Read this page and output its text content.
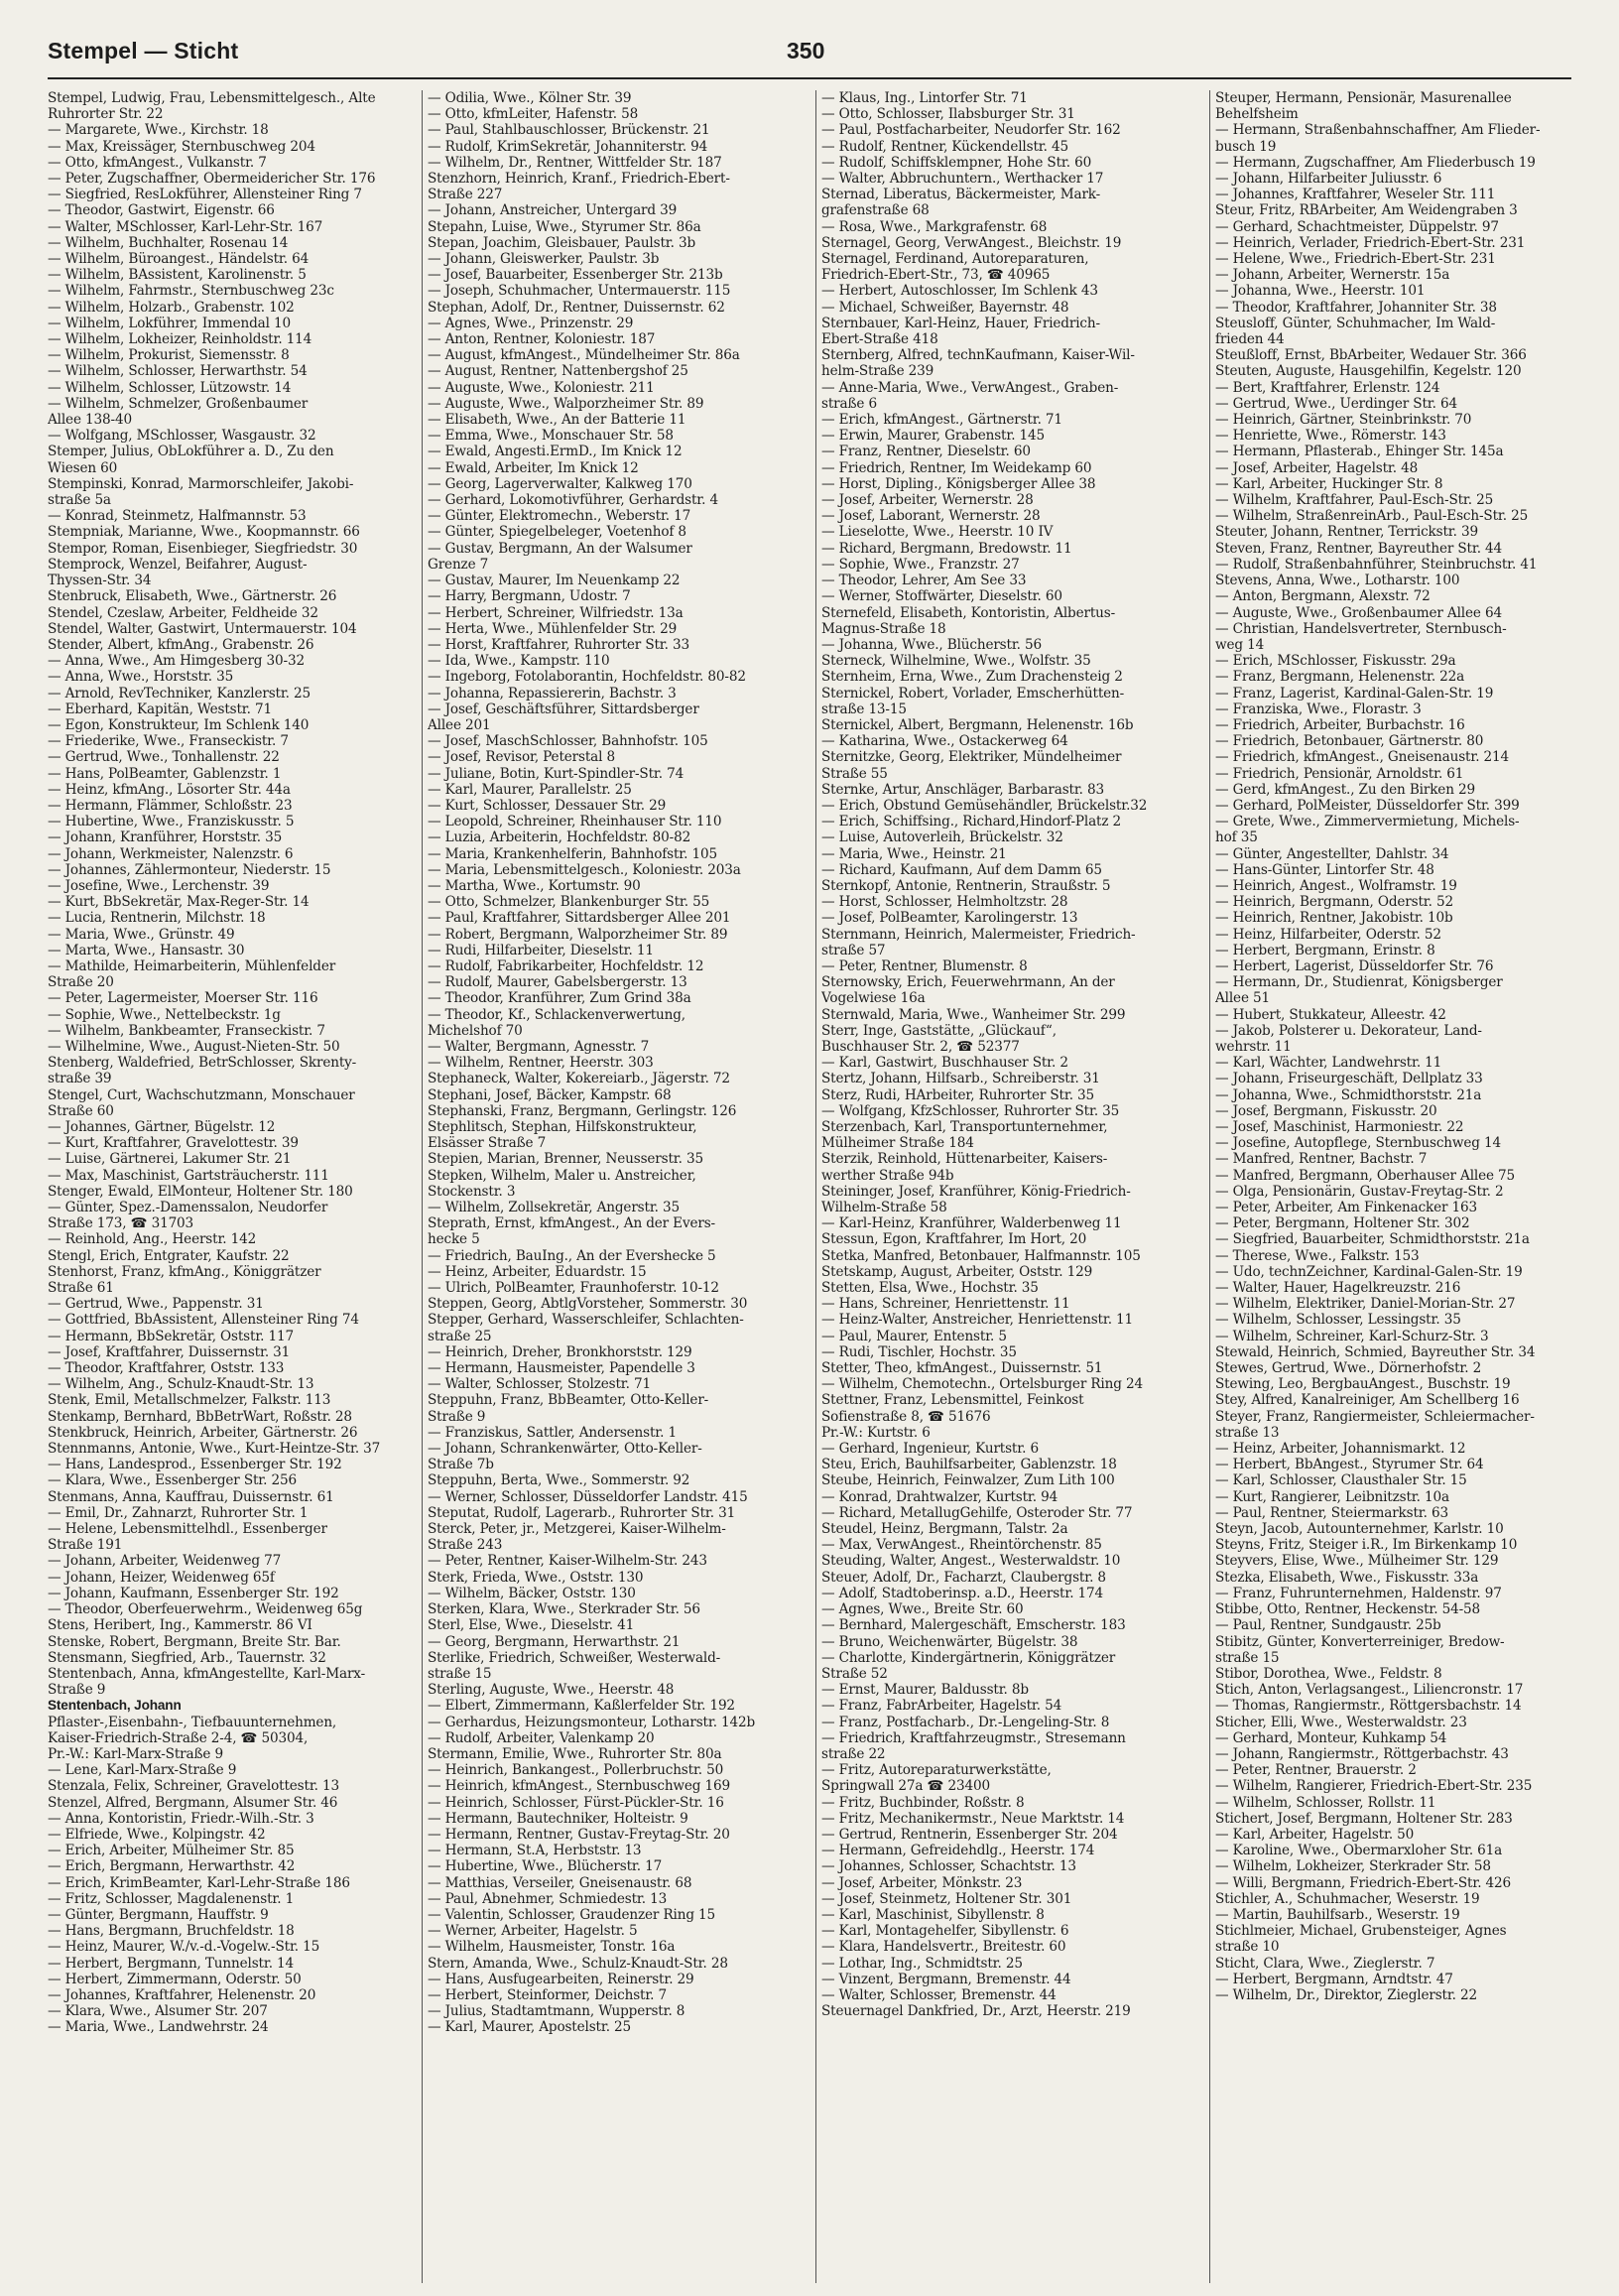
Stempel — Sticht	350
Stempel, Ludwig, Frau, Lebensmittelgesch., Alte
Ruhrorter Str. 22
— Margarete, Wwe., Kirchstr. 18
— Max, Kreissäger, Sternbuschweg 204
— Otto, kfmAngest., Vulkanstr. 7
— Peter, Zugschaffner, Obermeidericher Str. 176
— Siegfried, ResLokführer, Allensteiner Ring 7
— Theodor, Gastwirt, Eigenstr. 66
— Walter, MSchlosser, Karl-Lehr-Str. 167
— Wilhelm, Buchhalter, Rosenau 14
— Wilhelm, Büroangest., Händelstr. 64
— Wilhelm, BAssistent, Karolinenstr. 5
— Wilhelm, Fahrmstr., Sternbuschweg 23c
— Wilhelm, Holzarb., Grabenstr. 102
— Wilhelm, Lokführer, Immendal 10
— Wilhelm, Lokheizer, Reinholdstr. 114
— Wilhelm, Prokurist, Siemensstr. 8
— Wilhelm, Schlosser, Herwarthstr. 54
— Wilhelm, Schlosser, Lützowstr. 14
— Wilhelm, Schmelzer, Großenbaumer
Allee 138-40
— Wolfgang, MSchlosser, Wasgaustr. 32
Stemper, Julius, ObLokführer a. D., Zu den
Wiesen 60
Stempinski, Konrad, Marmorschleifer, Jakobi-
straße 5a
— Konrad, Steinmetz, Halfmannstr. 53
Stempniak, Marianne, Wwe., Koopmannstr. 66
Stempor, Roman, Eisenbieger, Siegfriedstr. 30
Stemprock, Wenzel, Beifahrer, August-
Thyssen-Str. 34
Stenbruck, Elisabeth, Wwe., Gärtnerstr. 26
Stendel, Czeslaw, Arbeiter, Feldheide 32
Stendel, Walter, Gastwirt, Untermauerstr. 104
Stender, Albert, kfmAng., Grabenstr. 26
— Anna, Wwe., Am Himgesberg 30-32
— Anna, Wwe., Horststr. 35
— Arnold, RevTechniker, Kanzlerstr. 25
— Eberhard, Kapitän, Weststr. 71
— Egon, Konstrukteur, Im Schlenk 140
— Friederike, Wwe., Franseckistr. 7
— Gertrud, Wwe., Tonhallenstr. 22
— Hans, PolBeamter, Gablenzstr. 1
— Heinz, kfmAng., Lösorter Str. 44a
— Hermann, Flämmer, Schloßstr. 23
— Hubertine, Wwe., Franziskusstr. 5
— Johann, Kranführer, Horststr. 35
— Johann, Werkmeister, Nalenzstr. 6
— Johannes, Zählermonteur, Niederstr. 15
— Josefine, Wwe., Lerchenstr. 39
— Kurt, BbSekretär, Max-Reger-Str. 14
— Lucia, Rentnerin, Milchstr. 18
— Maria, Wwe., Grünstr. 49
— Marta, Wwe., Hansastr. 30
— Mathilde, Heimarbeiterin, Mühlenfelder
Straße 20
— Peter, Lagermeister, Moerser Str. 116
— Sophie, Wwe., Nettelbeckstr. 1g
— Wilhelm, Bankbeamter, Franseckistr. 7
— Wilhelmine, Wwe., August-Nieten-Str. 50
Stenberg, Waldefried, BetrSchlosser, Skrenty-
straße 39
Stengel, Curt, Wachschutzmann, Monschauer
Straße 60
— Johannes, Gärtner, Bügelstr. 12
— Kurt, Kraftfahrer, Gravelottestr. 39
— Luise, Gärtnerei, Lakumer Str. 21
— Max, Maschinist, Gartsträucherstr. 111
Stenger, Ewald, ElMonteur, Holtener Str. 180
— Günter, Spez.-Damenssalon, Neudorfer
Straße 173, ☎ 31703
— Reinhold, Ang., Heerstr. 142
Stengl, Erich, Entgrater, Kaufstr. 22
Stenhorst, Franz, kfmAng., Königgrätzer
Straße 61
— Gertrud, Wwe., Pappenstr. 31
— Gottfried, BbAssistent, Allensteiner Ring 74
— Hermann, BbSekretär, Oststr. 117
— Josef, Kraftfahrer, Duissernstr. 31
— Theodor, Kraftfahrer, Oststr. 133
— Wilhelm, Ang., Schulz-Knaudt-Str. 13
Stenk, Emil, Metallschmelzer, Falkstr. 113
Stenkamp, Bernhard, BbBetrWart, Roßstr. 28
Stenkbruck, Heinrich, Arbeiter, Gärtnerstr. 26
Stennmanns, Antonie, Wwe., Kurt-Heintze-Str. 37
— Hans, Landesprod., Essenberger Str. 192
— Klara, Wwe., Essenberger Str. 256
Stenmans, Anna, Kauffrau, Duissernstr. 61
— Emil, Dr., Zahnarzt, Ruhrorter Str. 1
— Helene, Lebensmittelhdl., Essenberger
Straße 191
— Johann, Arbeiter, Weidenweg 77
— Johann, Heizer, Weidenweg 65f
— Johann, Kaufmann, Essenberger Str. 192
— Theodor, Oberfeuerwehrm., Weidenweg 65g
Stens, Heribert, Ing., Kammerstr. 86 VI
Stenske, Robert, Bergmann, Breite Str. Bar.
Stensmann, Siegfried, Arb., Tauernstr. 32
Stentenbach, Anna, kfmAngestellte, Karl-Marx-
Straße 9
Stentenbach, Johann
Pflaster-,Eisenbahn-, Tiefbauunternehmen,
Kaiser-Friedrich-Straße 2-4, ☎ 50304,
Pr.-W.: Karl-Marx-Straße 9
— Lene, Karl-Marx-Straße 9
Stenzala, Felix, Schreiner, Gravelottestr. 13
Stenzel, Alfred, Bergmann, Alsumer Str. 46
— Anna, Kontoristin, Friedr.-Wilh.-Str. 3
— Elfriede, Wwe., Kolpingstr. 42
— Erich, Arbeiter, Mülheimer Str. 85
— Erich, Bergmann, Herwarthstr. 42
— Erich, KrimBeamter, Karl-Lehr-Straße 186
— Fritz, Schlosser, Magdalenenstr. 1
— Günter, Bergmann, Hauffstr. 9
— Hans, Bergmann, Bruchfeldstr. 18
— Heinz, Maurer, W./v.-d.-Vogelw.-Str. 15
— Herbert, Bergmann, Tunnelstr. 14
— Herbert, Zimmermann, Oderstr. 50
— Johannes, Kraftfahrer, Helenenstr. 20
— Klara, Wwe., Alsumer Str. 207
— Maria, Wwe., Landwehrstr. 24
— Odilia, Wwe., Kölner Str. 39
— Otto, kfmLeiter, Hafenstr. 58
— Paul, Stahlbauschlosser, Brückenstr. 21
— Rudolf, KrimSekretär, Johanniterstr. 94
— Wilhelm, Dr., Rentner, Wittfelder Str. 187
Stenzhorn, Heinrich, Kranf., Friedrich-Ebert-
Straße 227
— Johann, Anstreicher, Untergard 39
Stepahn, Luise, Wwe., Styrumer Str. 86a
Stepan, Joachim, Gleisbauer, Paulstr. 3b
— Johann, Gleiswerker, Paulstr. 3b
— Josef, Bauarbeiter, Essenberger Str. 213b
— Joseph, Schuhmacher, Untermauerstr. 115
Stephan, Adolf, Dr., Rentner, Duissernstr. 62
— Agnes, Wwe., Prinzenstr. 29
— Anton, Rentner, Koloniestr. 187
— August, kfmAngest., Mündelheimer Str. 86a
— August, Rentner, Nattenbergshof 25
— Auguste, Wwe., Koloniestr. 211
— Auguste, Wwe., Walporzheimer Str. 89
— Elisabeth, Wwe., An der Batterie 11
— Emma, Wwe., Monschauer Str. 58
— Ewald, Angesti.ErmD., Im Knick 12
— Ewald, Arbeiter, Im Knick 12
— Georg, Lagerverwalter, Kalkweg 170
— Gerhard, Lokomotivführer, Gerhardstr. 4
— Günter, Elektromechn., Weberstr. 17
— Günter, Spiegelbeleger, Voetenhof 8
— Gustav, Bergmann, An der Walsumer
Grenze 7
— Gustav, Maurer, Im Neuenkamp 22
— Harry, Bergmann, Udostr. 7
— Herbert, Schreiner, Wilfriedstr. 13a
— Herta, Wwe., Mühlenfelder Str. 29
— Horst, Kraftfahrer, Ruhrorter Str. 33
— Ida, Wwe., Kampstr. 110
— Ingeborg, Fotolaborantin, Hochfeldstr. 80-82
— Johanna, Repassiererin, Bachstr. 3
— Josef, Geschäftsführer, Sittardsberger
Allee 201
— Josef, MaschSchlosser, Bahnhofstr. 105
— Josef, Revisor, Peterstal 8
— Juliane, Botin, Kurt-Spindler-Str. 74
— Karl, Maurer, Parallelstr. 25
— Kurt, Schlosser, Dessauer Str. 29
— Leopold, Schreiner, Rheinhauser Str. 110
— Luzia, Arbeiterin, Hochfeldstr. 80-82
— Maria, Krankenhelferin, Bahnhofstr. 105
— Maria, Lebensmittelgesch., Koloniestr. 203a
— Martha, Wwe., Kortumstr. 90
— Otto, Schmelzer, Blankenburger Str. 55
— Paul, Kraftfahrer, Sittardsberger Allee 201
— Robert, Bergmann, Walporzheimer Str. 89
— Rudi, Hilfarbeiter, Dieselstr. 11
— Rudolf, Fabrikarbeiter, Hochfeldstr. 12
— Rudolf, Maurer, Gabelsbergerstr. 13
— Theodor, Kranführer, Zum Grind 38a
— Theodor, Kf., Schlackenverwertung,
Michelshof 70
— Walter, Bergmann, Agnesstr. 7
— Wilhelm, Rentner, Heerstr. 303
Stephaneck, Walter, Kokereiarb., Jägerstr. 72
Stephani, Josef, Bäcker, Kampstr. 68
Stephanski, Franz, Bergmann, Gerlingstr. 126
Stephlitsch, Stephan, Hilfskonstrukteur,
Elsässer Straße 7
Stepien, Marian, Brenner, Neusserstr. 35
Stepken, Wilhelm, Maler u. Anstreicher,
Stockenstr. 3
— Wilhelm, Zollsekretär, Angerstr. 35
Steprath, Ernst, kfmAngest., An der Evers-
hecke 5
— Friedrich, BauIng., An der Evershecke 5
— Heinz, Arbeiter, Eduardstr. 15
— Ulrich, PolBeamter, Fraunhoferstr. 10-12
Steppen, Georg, AbtlgVorsteher, Sommerstr. 30
Stepper, Gerhard, Wasserschleifer, Schlachten-
straße 25
— Heinrich, Dreher, Bronkhorststr. 129
— Hermann, Hausmeister, Papendelle 3
— Walter, Schlosser, Stolzestr. 71
Steppuhn, Franz, BbBeamter, Otto-Keller-
Straße 9
— Franziskus, Sattler, Andersenstr. 1
— Johann, Schrankenwärter, Otto-Keller-
Straße 7b
Steppuhn, Berta, Wwe., Sommerstr. 92
— Werner, Schlosser, Düsseldorfer Landstr. 415
Steputat, Rudolf, Lagerarb., Ruhrorter Str. 31
Sterck, Peter, jr., Metzgerei, Kaiser-Wilhelm-
Straße 243
— Peter, Rentner, Kaiser-Wilhelm-Str. 243
Sterk, Frieda, Wwe., Oststr. 130
— Wilhelm, Bäcker, Oststr. 130
Sterken, Klara, Wwe., Sterkrader Str. 56
Sterl, Else, Wwe., Dieselstr. 41
— Georg, Bergmann, Herwarthstr. 21
Sterlike, Friedrich, Schweißer, Westerwald-
straße 15
Sterling, Auguste, Wwe., Heerstr. 48
— Elbert, Zimmermann, Kaßlerfelder Str. 192
— Gerhardus, Heizungsmonteur, Lotharstr. 142b
— Rudolf, Arbeiter, Valenkamp 20
Stermann, Emilie, Wwe., Ruhrorter Str. 80a
— Heinrich, Bankangest., Pollerbruchstr. 50
— Heinrich, kfmAngest., Sternbuschweg 169
— Heinrich, Schlosser, Fürst-Pückler-Str. 16
— Hermann, Bautechniker, Holteistr. 9
— Hermann, Rentner, Gustav-Freytag-Str. 20
— Hermann, St.A, Herbststr. 13
— Hubertine, Wwe., Blücherstr. 17
— Matthias, Verseiler, Gneisenaustr. 68
— Paul, Abnehmer, Schmiedestr. 13
— Valentin, Schlosser, Graudenzer Ring 15
— Werner, Arbeiter, Hagelstr. 5
— Wilhelm, Hausmeister, Tonstr. 16a
Stern, Amanda, Wwe., Schulz-Knaudt-Str. 28
— Hans, Ausfugearbeiten, Reinerstr. 29
— Herbert, Steinformer, Deichstr. 7
— Julius, Stadtamtmann, Wupperstr. 8
— Karl, Maurer, Apostelstr. 25
— Klaus, Ing., Lintorfer Str. 71
— Otto, Schlosser, Ilabsburger Str. 31
— Paul, Postfacharbeiter, Neudorfer Str. 162
— Rudolf, Rentner, Kückendellstr. 45
— Rudolf, Schiffsklempner, Hohe Str. 60
— Walter, Abbruchuntern., Werthacker 17
Sternad, Liberatus, Bäckermeister, Mark-
grafenstraße 68
— Rosa, Wwe., Markgrafenstr. 68
Sternagel, Georg, VerwAngest., Bleichstr. 19
Sternagel, Ferdinand, Autoreparaturen,
Friedrich-Ebert-Str., 73, ☎ 40965
— Herbert, Autoschlosser, Im Schlenk 43
— Michael, Schweißer, Bayernstr. 48
Sternbauer, Karl-Heinz, Hauer, Friedrich-
Ebert-Straße 418
Sternberg, Alfred, technKaufmann, Kaiser-Wil-
helm-Straße 239
— Anne-Maria, Wwe., VerwAngest., Graben-
straße 6
— Erich, kfmAngest., Gärtnerstr. 71
— Erwin, Maurer, Grabenstr. 145
— Franz, Rentner, Dieselstr. 60
— Friedrich, Rentner, Im Weidekamp 60
— Horst, Dipling., Königsberger Allee 38
— Josef, Arbeiter, Wernerstr. 28
— Josef, Laborant, Wernerstr. 28
— Lieselotte, Wwe., Heerstr. 10 IV
— Richard, Bergmann, Bredowstr. 11
— Sophie, Wwe., Franzstr. 27
— Theodor, Lehrer, Am See 33
— Werner, Stoffwärter, Dieselstr. 60
Sternefeld, Elisabeth, Kontoristin, Albertus-
Magnus-Straße 18
— Johanna, Wwe., Blücherstr. 56
Sterneck, Wilhelmine, Wwe., Wolfstr. 35
Sternheim, Erna, Wwe., Zum Drachensteig 2
Sternickel, Robert, Vorlader, Emscherhütten-
straße 13-15
Sternickel, Albert, Bergmann, Helenenstr. 16b
— Katharina, Wwe., Ostackerweg 64
Sternitzke, Georg, Elektriker, Mündelheimer
Straße 55
Sternke, Artur, Anschläger, Barbarastr. 83
— Erich, Obstund Gemüsehändler, Brückelstr.32
— Erich, Schiffsing., Richard,Hindorf-Platz 2
— Luise, Autoverleih, Brückelstr. 32
— Maria, Wwe., Heinstr. 21
— Richard, Kaufmann, Auf dem Damm 65
Sternkopf, Antonie, Rentnerin, Straußstr. 5
— Horst, Schlosser, Helmholtzstr. 28
— Josef, PolBeamter, Karolingerstr. 13
Sternmann, Heinrich, Malermeister, Friedrich-
straße 57
— Peter, Rentner, Blumenstr. 8
Sternowsky, Erich, Feuerwehrmann, An der
Vogelwiese 16a
Sternwald, Maria, Wwe., Wanheimer Str. 299
Sterr, Inge, Gaststätte, „Glückauf“,
Buschhauser Str. 2, ☎ 52377
— Karl, Gastwirt, Buschhauser Str. 2
Stertz, Johann, Hilfsarb., Schreiberstr. 31
Sterz, Rudi, HArbeiter, Ruhrorter Str. 35
— Wolfgang, KfzSchlosser, Ruhrorter Str. 35
Sterzenbach, Karl, Transportunternehmer,
Mülheimer Straße 184
Sterzik, Reinhold, Hüttenarbeiter, Kaisers-
werther Straße 94b
Steininger, Josef, Kranführer, König-Friedrich-
Wilhelm-Straße 58
— Karl-Heinz, Kranführer, Walderbenweg 11
Stessun, Egon, Kraftfahrer, Im Hort, 20
Stetka, Manfred, Betonbauer, Halfmannstr. 105
Stetskamp, August, Arbeiter, Oststr. 129
Stetten, Elsa, Wwe., Hochstr. 35
— Hans, Schreiner, Henriettenstr. 11
— Heinz-Walter, Anstreicher, Henriettenstr. 11
— Paul, Maurer, Entenstr. 5
— Rudi, Tischler, Hochstr. 35
Stetter, Theo, kfmAngest., Duissernstr. 51
— Wilhelm, Chemotechn., Ortelsburger Ring 24
Stettner, Franz, Lebensmittel, Feinkost
Sofienstraße 8, ☎ 51676
Pr.-W.: Kurtstr. 6
— Gerhard, Ingenieur, Kurtstr. 6
Steu, Erich, Bauhilfsarbeiter, Gablenzstr. 18
Steube, Heinrich, Feinwalzer, Zum Lith 100
— Konrad, Drahtwalzer, Kurtstr. 94
— Richard, MetallugGehilfe, Osteroder Str. 77
Steudel, Heinz, Bergmann, Talstr. 2a
— Max, VerwAngest., Rheintörchenstr. 85
Steuding, Walter, Angest., Westerwaldstr. 10
Steuer, Adolf, Dr., Facharzt, Claubergstr. 8
— Adolf, Stadtoberinsp. a.D., Heerstr. 174
— Agnes, Wwe., Breite Str. 60
— Bernhard, Malergeschäft, Emscherstr. 183
— Bruno, Weichenwärter, Bügelstr. 38
— Charlotte, Kindergärtnerin, Königgrätzer
Straße 52
— Ernst, Maurer, Baldusstr. 8b
— Franz, FabrArbeiter, Hagelstr. 54
— Franz, Postfacharb., Dr.-Lengeling-Str. 8
— Friedrich, Kraftfahrzeugmstr., Stresemann
straße 22
— Fritz, Autoreparaturwerkstätte,
Springwall 27a ☎ 23400
— Fritz, Buchbinder, Roßstr. 8
— Fritz, Mechanikermstr., Neue Marktstr. 14
— Gertrud, Rentnerin, Essenberger Str. 204
— Hermann, Gefreidehdlg., Heerstr. 174
— Johannes, Schlosser, Schachtstr. 13
— Josef, Arbeiter, Mönkstr. 23
— Josef, Steinmetz, Holtener Str. 301
— Karl, Maschinist, Sibyllenstr. 8
— Karl, Montagehelfer, Sibyllenstr. 6
— Klara, Handelsvertr., Breitestr. 60
— Lothar, Ing., Schmidtstr. 25
— Vinzent, Bergmann, Bremenstr. 44
— Walter, Schlosser, Bremenstr. 44
Steuernagel Dankfried, Dr., Arzt, Heerstr. 219
Steuper, Hermann, Pensionär, Masurenallee
Behelfsheim
— Hermann, Straßenbahnschaffner, Am Flieder-
busch 19
— Hermann, Zugschaffner, Am Fliederbusch 19
— Johann, Hilfarbeiter Juliusstr. 6
— Johannes, Kraftfahrer, Weseler Str. 111
Steur, Fritz, RBArbeiter, Am Weidengraben 3
— Gerhard, Schachtmeister, Düppelstr. 97
— Heinrich, Verlader, Friedrich-Ebert-Str. 231
— Helene, Wwe., Friedrich-Ebert-Str. 231
— Johann, Arbeiter, Wernerstr. 15a
— Johanna, Wwe., Heerstr. 101
— Theodor, Kraftfahrer, Johanniter Str. 38
Steusloff, Günter, Schuhmacher, Im Wald-
frieden 44
Steußloff, Ernst, BbArbeiter, Wedauer Str. 366
Steuten, Auguste, Hausgehilfin, Kegelstr. 120
— Bert, Kraftfahrer, Erlenstr. 124
— Gertrud, Wwe., Uerdinger Str. 64
— Heinrich, Gärtner, Steinbrinkstr. 70
— Henriette, Wwe., Römerstr. 143
— Hermann, Pflasterab., Ehinger Str. 145a
— Josef, Arbeiter, Hagelstr. 48
— Karl, Arbeiter, Huckinger Str. 8
— Wilhelm, Kraftfahrer, Paul-Esch-Str. 25
— Wilhelm, StraßenreinArb., Paul-Esch-Str. 25
Steuter, Johann, Rentner, Terrickstr. 39
Steven, Franz, Rentner, Bayreuther Str. 44
— Rudolf, Straßenbahnführer, Steinbruchstr. 41
Stevens, Anna, Wwe., Lotharstr. 100
— Anton, Bergmann, Alexstr. 72
— Auguste, Wwe., Großenbaumer Allee 64
— Christian, Handelsvertreter, Sternbusch-
weg 14
— Erich, MSchlosser, Fiskusstr. 29a
— Franz, Bergmann, Helenenstr. 22a
— Franz, Lagerist, Kardinal-Galen-Str. 19
— Franziska, Wwe., Florastr. 3
— Friedrich, Arbeiter, Burbachstr. 16
— Friedrich, Betonbauer, Gärtnerstr. 80
— Friedrich, kfmAngest., Gneisenaustr. 214
— Friedrich, Pensionär, Arnoldstr. 61
— Gerd, kfmAngest., Zu den Birken 29
— Gerhard, PolMeister, Düsseldorfer Str. 399
— Grete, Wwe., Zimmervermietung, Michels-
hof 35
— Günter, Angestellter, Dahlstr. 34
— Hans-Günter, Lintorfer Str. 48
— Heinrich, Angest., Wolframstr. 19
— Heinrich, Bergmann, Oderstr. 52
— Heinrich, Rentner, Jakobistr. 10b
— Heinz, Hilfarbeiter, Oderstr. 52
— Herbert, Bergmann, Erinstr. 8
— Herbert, Lagerist, Düsseldorfer Str. 76
— Hermann, Dr., Studienrat, Königsberger
Allee 51
— Hubert, Stukkateur, Alleestr. 42
— Jakob, Polsterer u. Dekorateur, Land-
wehrstr. 11
— Karl, Wächter, Landwehrstr. 11
— Johann, Friseurgeschäft, Dellplatz 33
— Johanna, Wwe., Schmidthorststr. 21a
— Josef, Bergmann, Fiskusstr. 20
— Josef, Maschinist, Harmoniestr. 22
— Josefine, Autopflege, Sternbuschweg 14
— Manfred, Rentner, Bachstr. 7
— Manfred, Bergmann, Oberhauser Allee 75
— Olga, Pensionärin, Gustav-Freytag-Str. 2
— Peter, Arbeiter, Am Finkenacker 163
— Peter, Bergmann, Holtener Str. 302
— Siegfried, Bauarbeiter, Schmidthorststr. 21a
— Therese, Wwe., Falkstr. 153
— Udo, technZeichner, Kardinal-Galen-Str. 19
— Walter, Hauer, Hagelkreuzstr. 216
— Wilhelm, Elektriker, Daniel-Morian-Str. 27
— Wilhelm, Schlosser, Lessingstr. 35
— Wilhelm, Schreiner, Karl-Schurz-Str. 3
Stewald, Heinrich, Schmied, Bayreuther Str. 34
Stewes, Gertrud, Wwe., Dörnerhofstr. 2
Stewing, Leo, BergbauAngest., Buschstr. 19
Stey, Alfred, Kanalreiniger, Am Schellberg 16
Steyer, Franz, Rangiermeister, Schleiermacher-
straße 13
— Heinz, Arbeiter, Johannismarkt. 12
— Herbert, BbAngest., Styrumer Str. 64
— Karl, Schlosser, Clausthaler Str. 15
— Kurt, Rangierer, Leibnitzstr. 10a
— Paul, Rentner, Steiermarkstr. 63
Steyn, Jacob, Autounternehmer, Karlstr. 10
Steyns, Fritz, Steiger i.R., Im Birkenkamp 10
Steyvers, Elise, Wwe., Mülheimer Str. 129
Stezka, Elisabeth, Wwe., Fiskusstr. 33a
— Franz, Fuhrunternehmen, Haldenstr. 97
Stibbe, Otto, Rentner, Heckenstr. 54-58
— Paul, Rentner, Sundgaustr. 25b
Stibitz, Günter, Konverterreiniger, Bredow-
straße 15
Stibor, Dorothea, Wwe., Feldstr. 8
Stich, Anton, Verlagsangest., Liliencronstr. 17
— Thomas, Rangiermstr., Röttgersbachstr. 14
Sticher, Elli, Wwe., Westerwaldstr. 23
— Gerhard, Monteur, Kuhkamp 54
— Johann, Rangiermstr., Röttgerbachstr. 43
— Peter, Rentner, Brauerstr. 2
— Wilhelm, Rangierer, Friedrich-Ebert-Str. 235
— Wilhelm, Schlosser, Rollstr. 11
Stichert, Josef, Bergmann, Holtener Str. 283
— Karl, Arbeiter, Hagelstr. 50
— Karoline, Wwe., Obermarxloher Str. 61a
— Wilhelm, Lokheizer, Sterkrader Str. 58
— Willi, Bergmann, Friedrich-Ebert-Str. 426
Stichler, A., Schuhmacher, Weserstr. 19
— Martin, Bauhilfsarb., Weserstr. 19
Stichlmeier, Michael, Grubensteiger, Agnes
straße 10
Sticht, Clara, Wwe., Zieglerstr. 7
— Herbert, Bergmann, Arndtstr. 47
— Wilhelm, Dr., Direktor, Zieglerstr. 22
